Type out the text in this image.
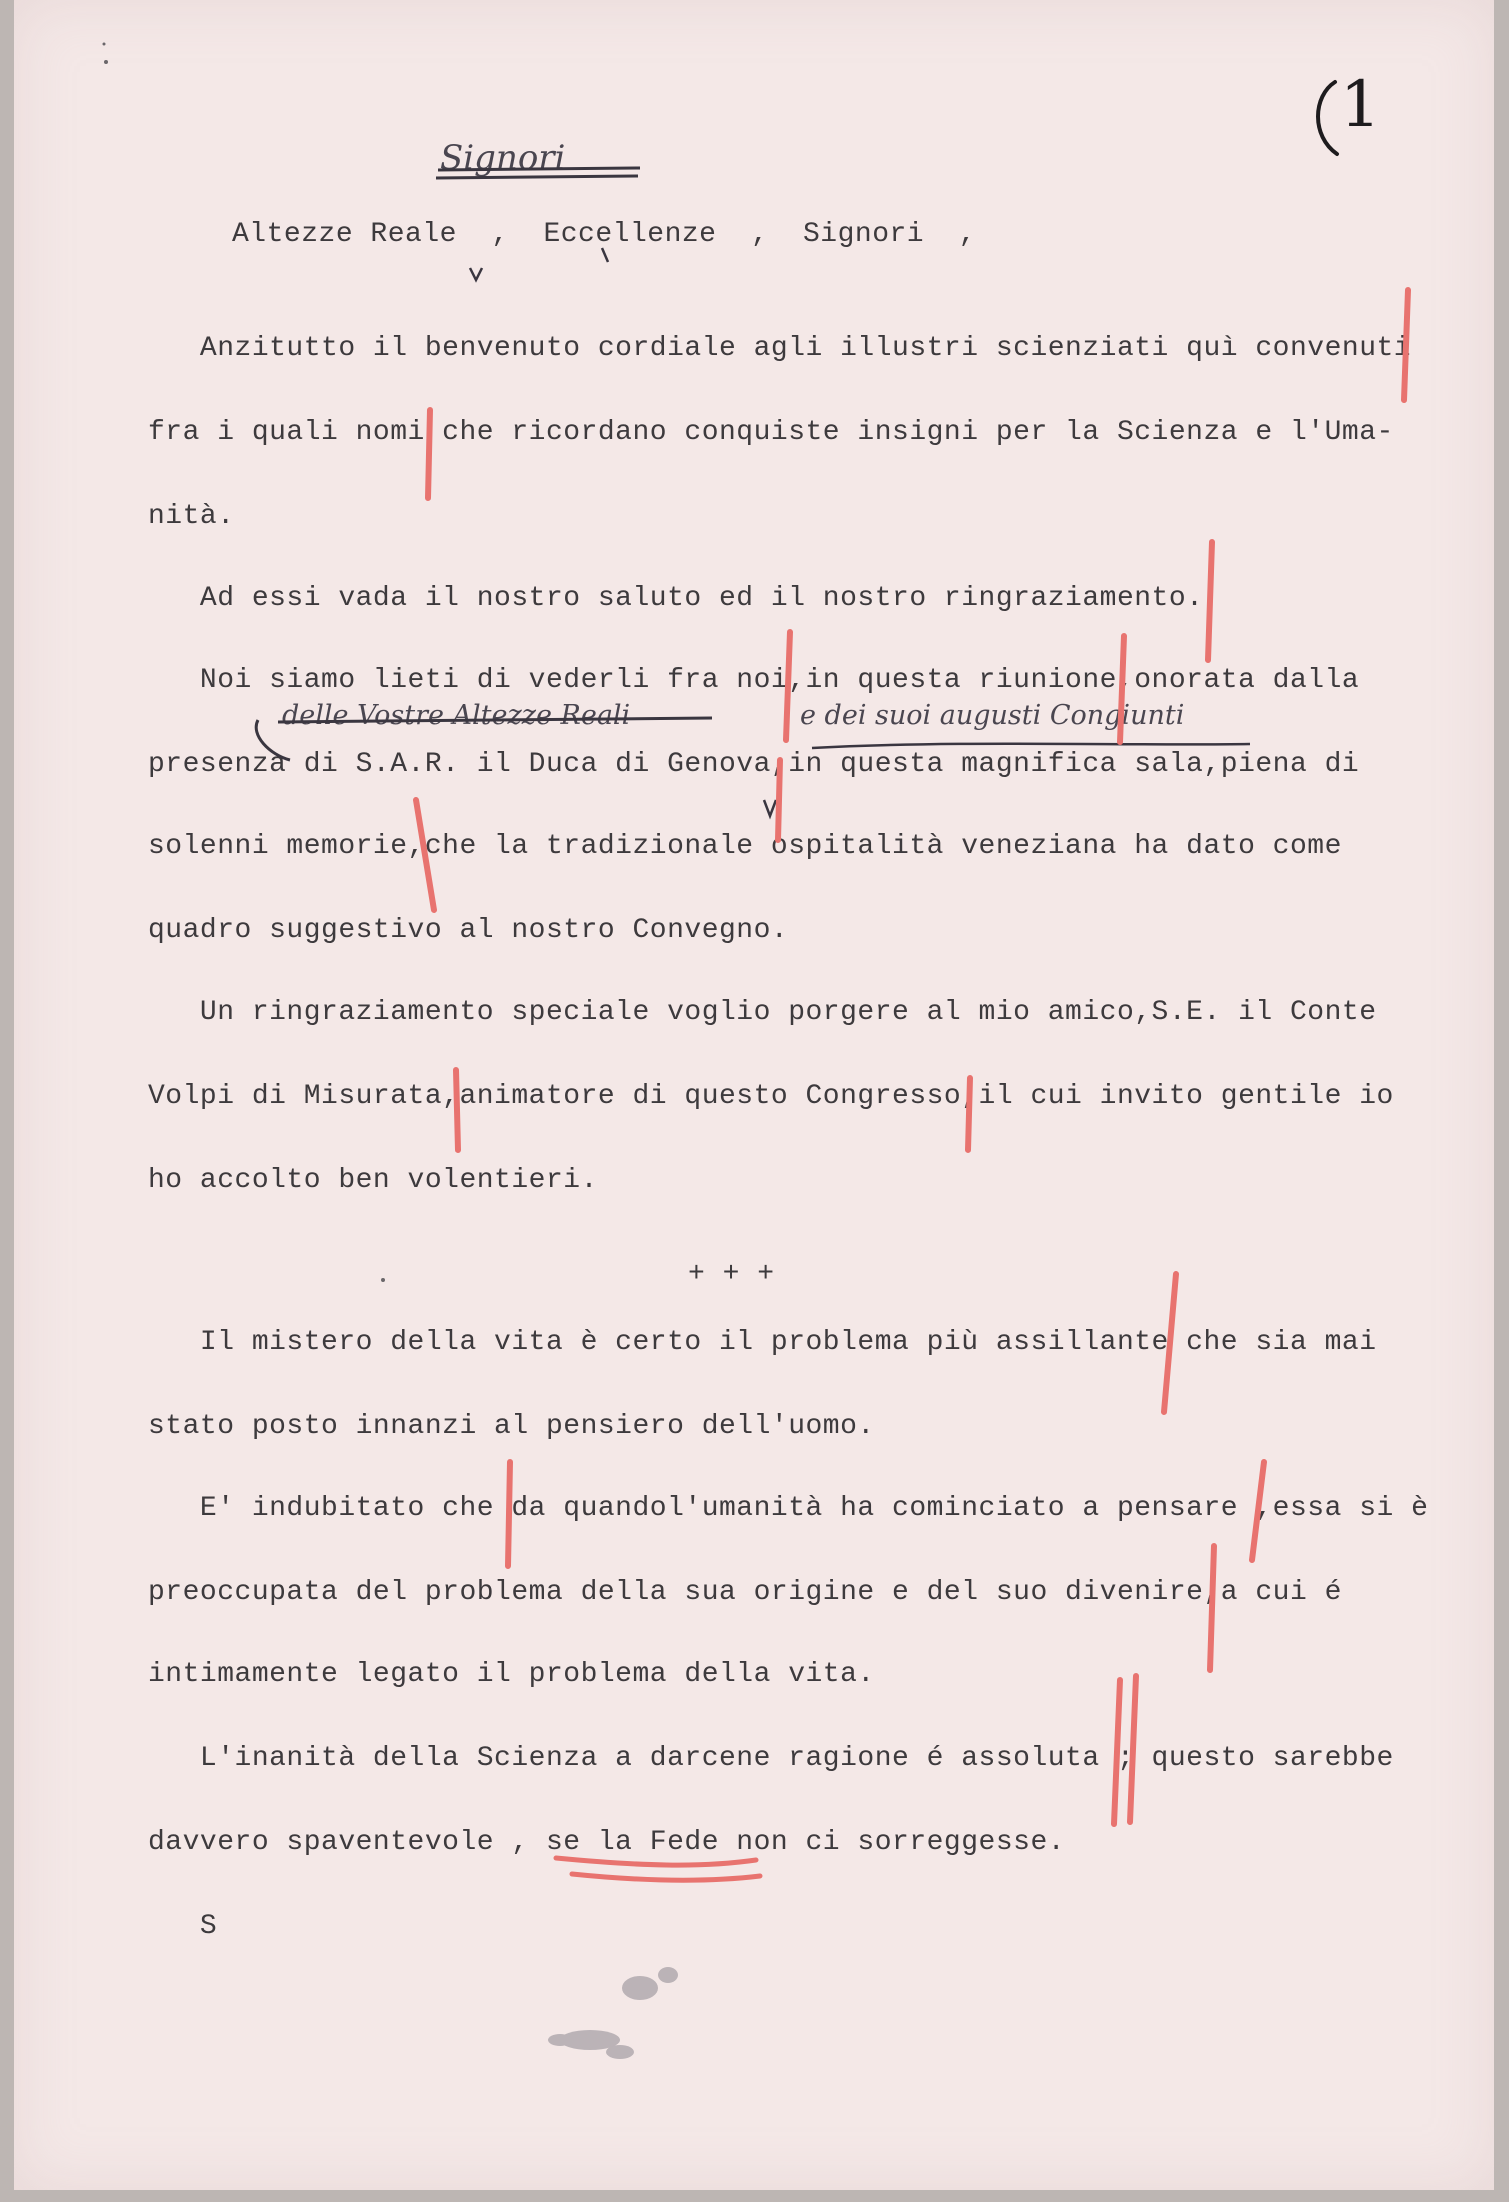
1
Signori
Altezze Reale  ,  Eccellenze  ,  Signori  ,
Anzitutto il benvenuto cordiale agli illustri scienziati quì convenuti
fra i quali nomi che ricordano conquiste insigni per la Scienza e l'Uma-
nità.
Ad essi vada il nostro saluto ed il nostro ringraziamento.
Noi siamo lieti di vederli fra noi,in questa riunione,onorata dalla
delle Vostre Altezze Reali	e dei suoi augusti Congiunti
presenza di S.A.R. il Duca di Genova,in questa magnifica sala,piena di
solenni memorie,che la tradizionale ospitalità veneziana ha dato come
quadro suggestivo al nostro Convegno.
Un ringraziamento speciale voglio porgere al mio amico,S.E. il Conte
Volpi di Misurata,animatore di questo Congresso,il cui invito gentile io
ho accolto ben volentieri.
+ + +
Il mistero della vita è certo il problema più assillante che sia mai
stato posto innanzi al pensiero dell'uomo.
E' indubitato che da quandol'umanità ha cominciato a pensare ,essa si è
preoccupata del problema della sua origine e del suo divenire,a cui é
intimamente legato il problema della vita.
L'inanità della Scienza a darcene ragione é assoluta ; questo sarebbe
davvero spaventevole , se la Fede non ci sorreggesse.
S
